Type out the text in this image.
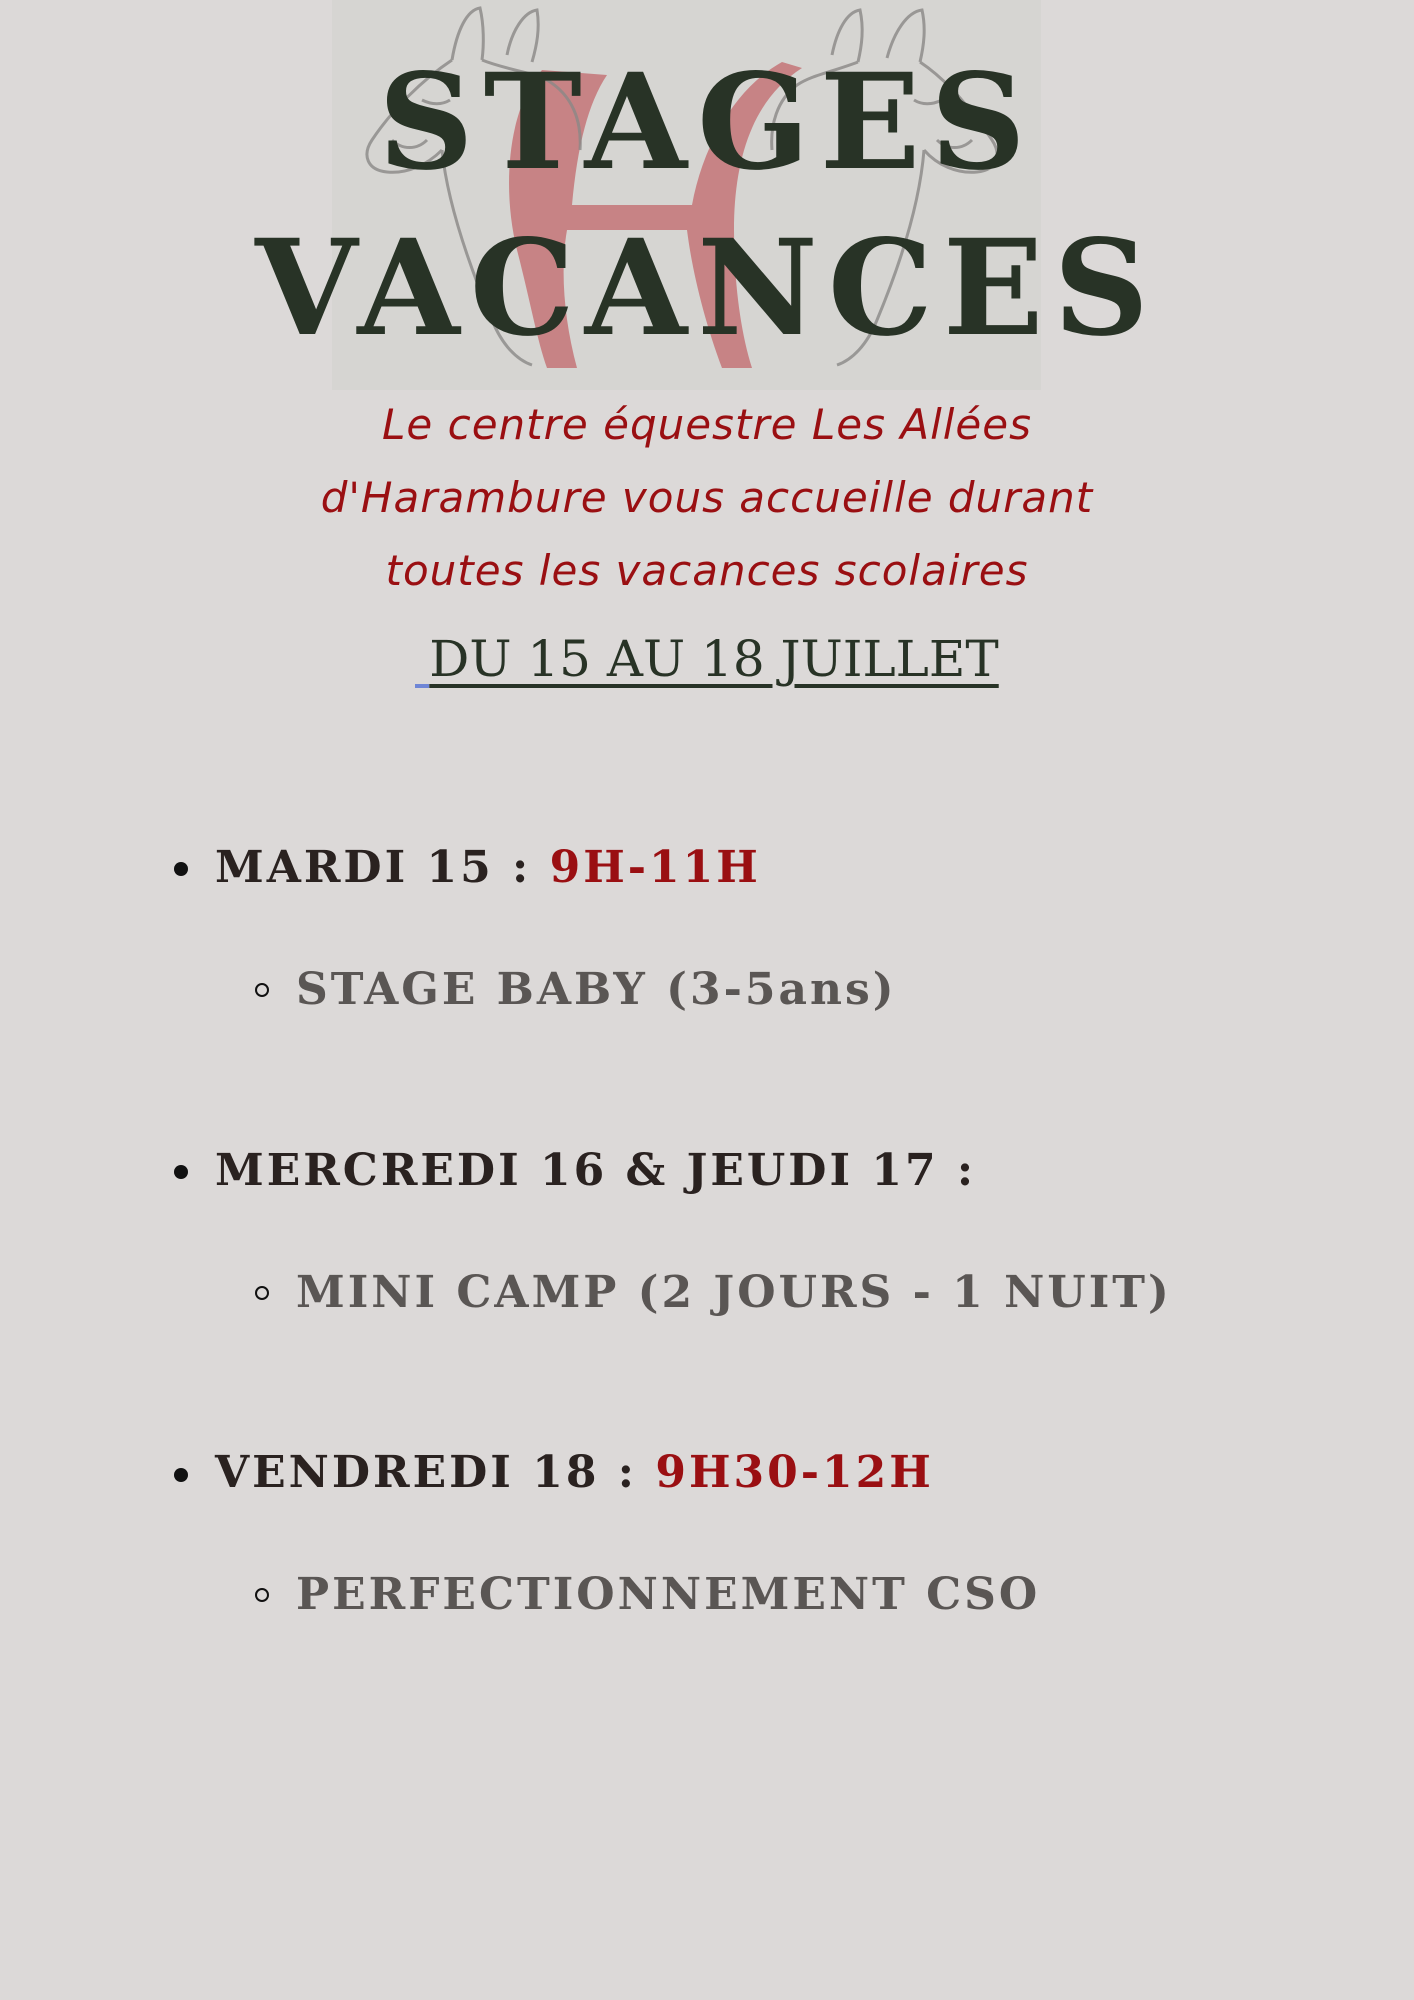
STAGES
VACANCES
Le centre équestre Les Allées
d'Harambure vous accueille durant
toutes les vacances scolaires
DU 15 AU 18 JUILLET
MARDI 15 : 9H-11H
STAGE BABY (3-5ans)
MERCREDI 16 & JEUDI 17 :
MINI CAMP (2 JOURS - 1 NUIT)
VENDREDI 18 : 9H30-12H
PERFECTIONNEMENT CSO
